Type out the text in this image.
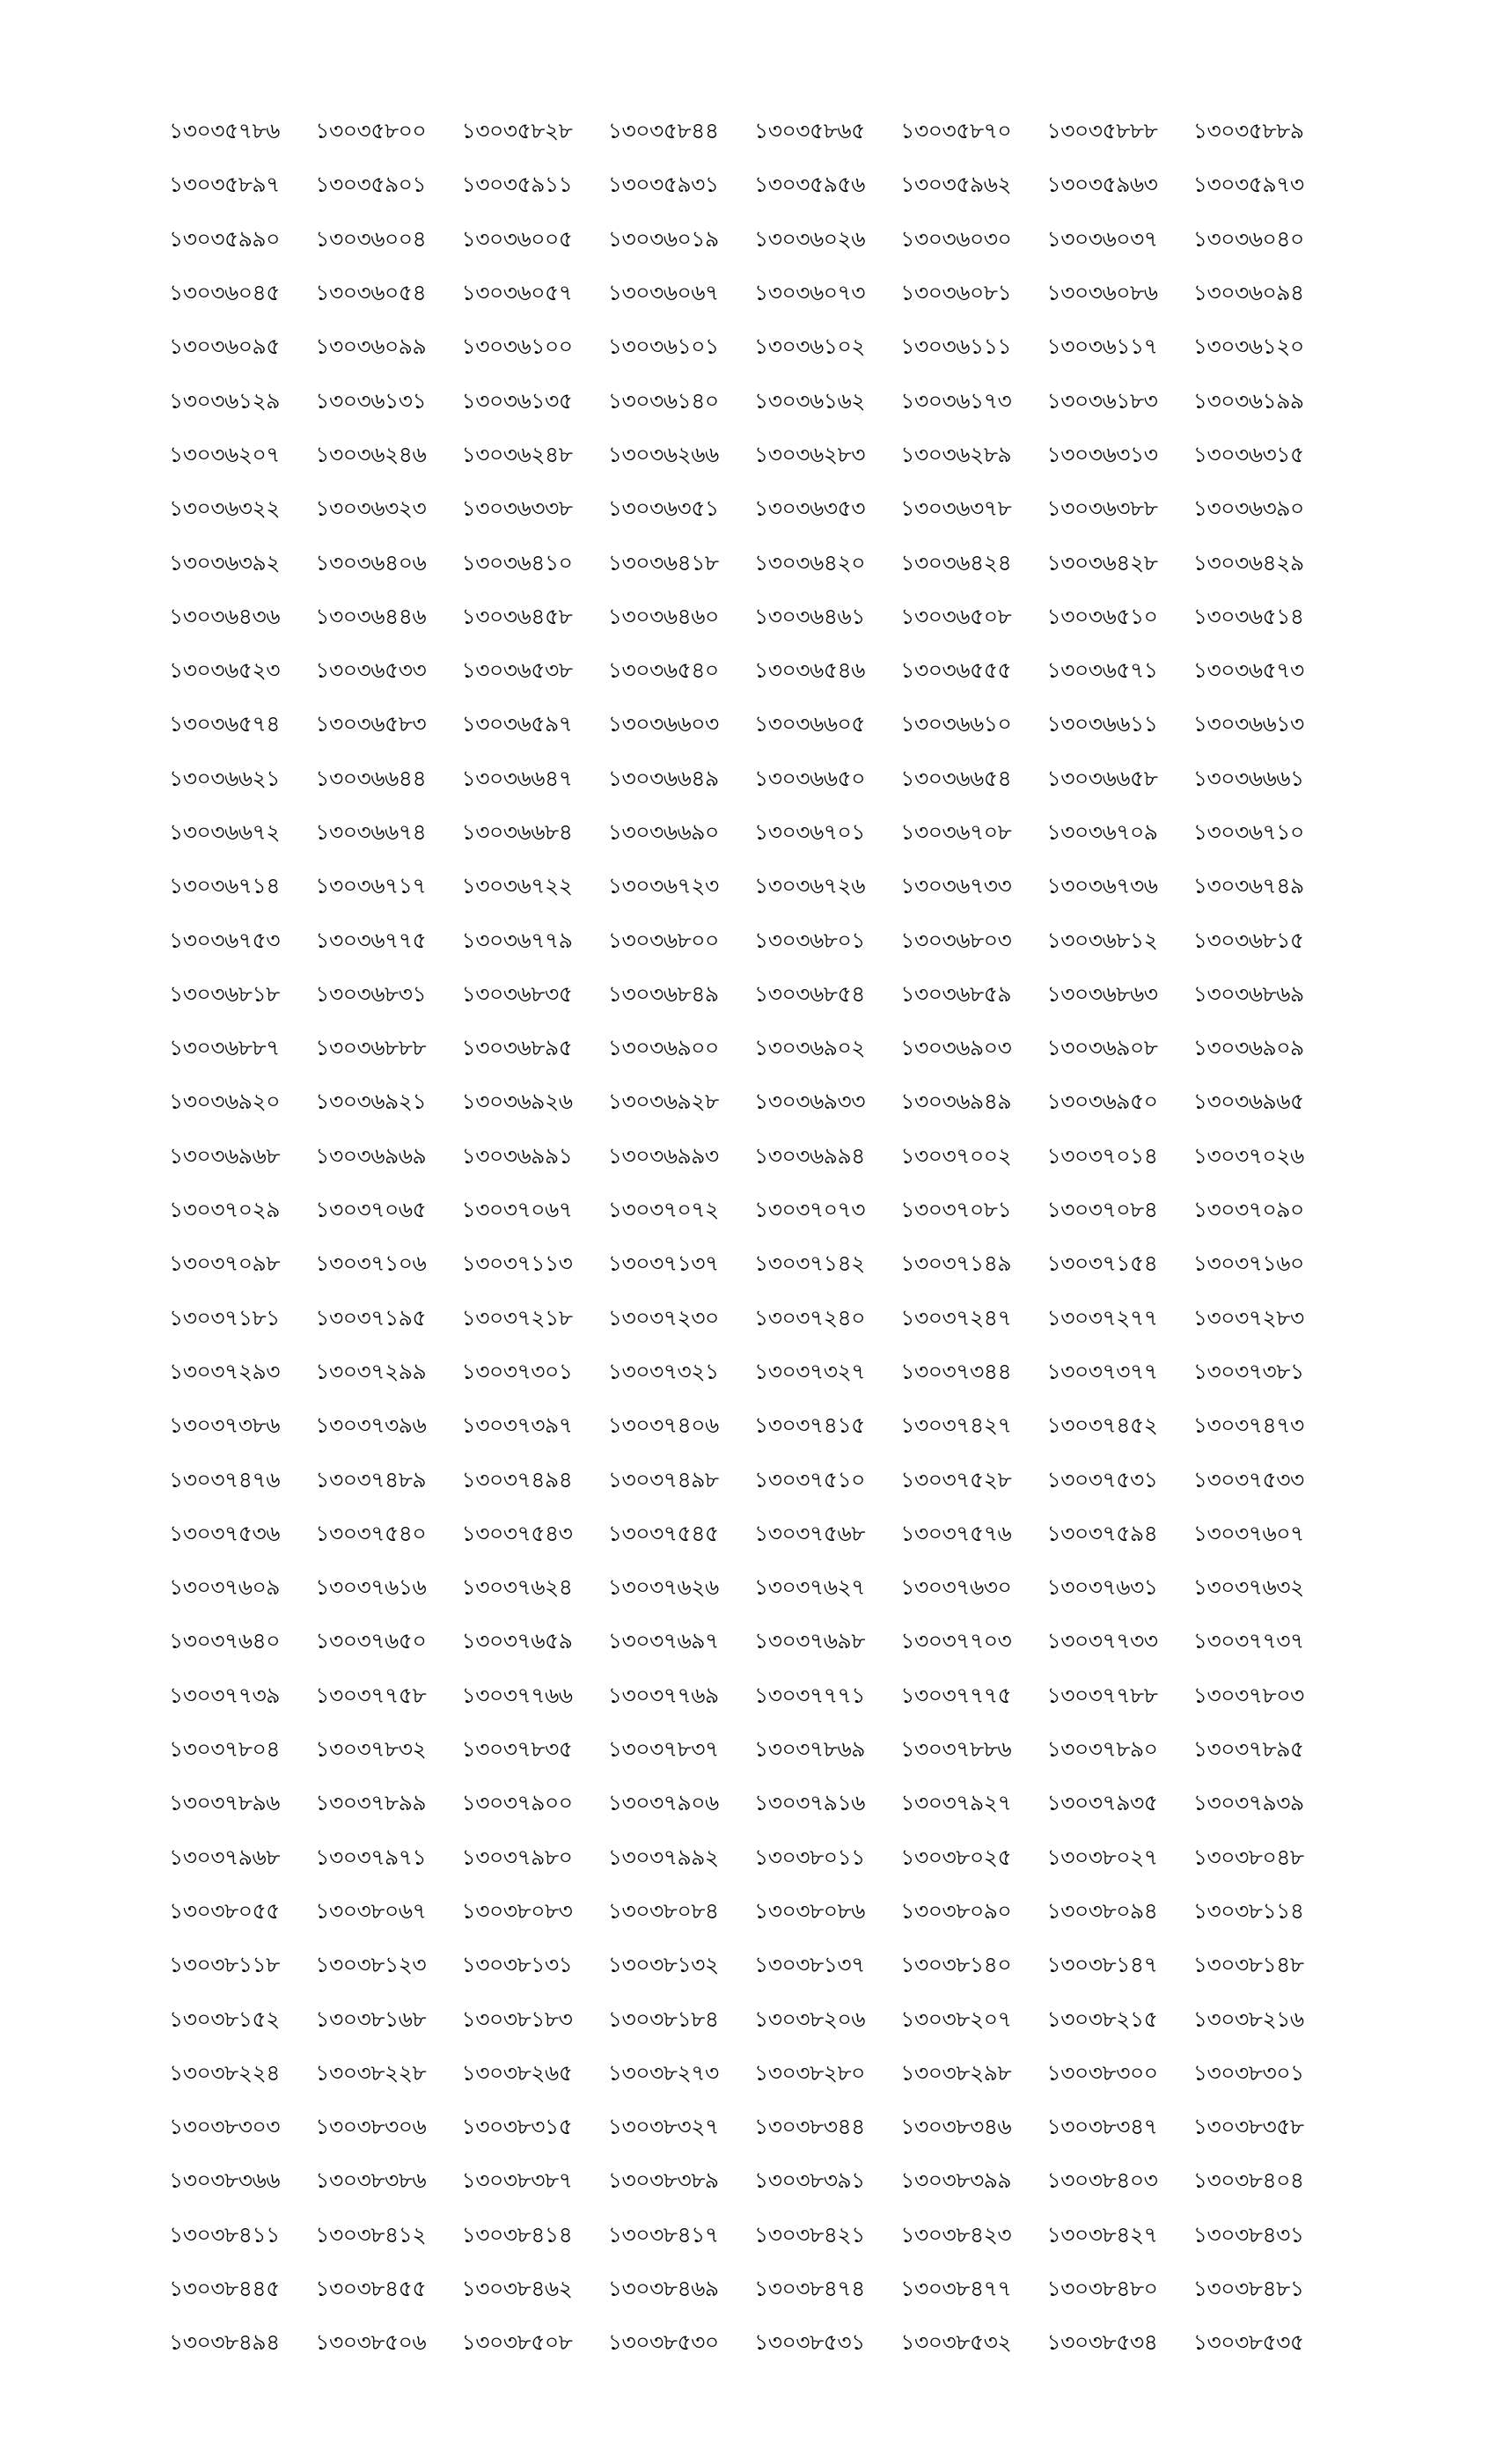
১৩০৩৫৭৮৬	১৩০৩৫৮০০	১৩০৩৫৮২৮	১৩০৩৫৮৪৪	১৩০৩৫৮৬৫	১৩০৩৫৮৭০	১৩০৩৫৮৮৮	১৩০৩৫৮৮৯
১৩০৩৫৮৯৭	১৩০৩৫৯০১	১৩০৩৫৯১১	১৩০৩৫৯৩১	১৩০৩৫৯৫৬	১৩০৩৫৯৬২	১৩০৩৫৯৬৩	১৩০৩৫৯৭৩
১৩০৩৫৯৯০	১৩০৩৬০০৪	১৩০৩৬০০৫	১৩০৩৬০১৯	১৩০৩৬০২৬	১৩০৩৬০৩০	১৩০৩৬০৩৭	১৩০৩৬০৪০
১৩০৩৬০৪৫	১৩০৩৬০৫৪	১৩০৩৬০৫৭	১৩০৩৬০৬৭	১৩০৩৬০৭৩	১৩০৩৬০৮১	১৩০৩৬০৮৬	১৩০৩৬০৯৪
১৩০৩৬০৯৫	১৩০৩৬০৯৯	১৩০৩৬১০০	১৩০৩৬১০১	১৩০৩৬১০২	১৩০৩৬১১১	১৩০৩৬১১৭	১৩০৩৬১২০
১৩০৩৬১২৯	১৩০৩৬১৩১	১৩০৩৬১৩৫	১৩০৩৬১৪০	১৩০৩৬১৬২	১৩০৩৬১৭৩	১৩০৩৬১৮৩	১৩০৩৬১৯৯
১৩০৩৬২০৭	১৩০৩৬২৪৬	১৩০৩৬২৪৮	১৩০৩৬২৬৬	১৩০৩৬২৮৩	১৩০৩৬২৮৯	১৩০৩৬৩১৩	১৩০৩৬৩১৫
১৩০৩৬৩২২	১৩০৩৬৩২৩	১৩০৩৬৩৩৮	১৩০৩৬৩৫১	১৩০৩৬৩৫৩	১৩০৩৬৩৭৮	১৩০৩৬৩৮৮	১৩০৩৬৩৯০
১৩০৩৬৩৯২	১৩০৩৬৪০৬	১৩০৩৬৪১০	১৩০৩৬৪১৮	১৩০৩৬৪২০	১৩০৩৬৪২৪	১৩০৩৬৪২৮	১৩০৩৬৪২৯
১৩০৩৬৪৩৬	১৩০৩৬৪৪৬	১৩০৩৬৪৫৮	১৩০৩৬৪৬০	১৩০৩৬৪৬১	১৩০৩৬৫০৮	১৩০৩৬৫১০	১৩০৩৬৫১৪
১৩০৩৬৫২৩	১৩০৩৬৫৩৩	১৩০৩৬৫৩৮	১৩০৩৬৫৪০	১৩০৩৬৫৪৬	১৩০৩৬৫৫৫	১৩০৩৬৫৭১	১৩০৩৬৫৭৩
১৩০৩৬৫৭৪	১৩০৩৬৫৮৩	১৩০৩৬৫৯৭	১৩০৩৬৬০৩	১৩০৩৬৬০৫	১৩০৩৬৬১০	১৩০৩৬৬১১	১৩০৩৬৬১৩
১৩০৩৬৬২১	১৩০৩৬৬৪৪	১৩০৩৬৬৪৭	১৩০৩৬৬৪৯	১৩০৩৬৬৫০	১৩০৩৬৬৫৪	১৩০৩৬৬৫৮	১৩০৩৬৬৬১
১৩০৩৬৬৭২	১৩০৩৬৬৭৪	১৩০৩৬৬৮৪	১৩০৩৬৬৯০	১৩০৩৬৭০১	১৩০৩৬৭০৮	১৩০৩৬৭০৯	১৩০৩৬৭১০
১৩০৩৬৭১৪	১৩০৩৬৭১৭	১৩০৩৬৭২২	১৩০৩৬৭২৩	১৩০৩৬৭২৬	১৩০৩৬৭৩৩	১৩০৩৬৭৩৬	১৩০৩৬৭৪৯
১৩০৩৬৭৫৩	১৩০৩৬৭৭৫	১৩০৩৬৭৭৯	১৩০৩৬৮০০	১৩০৩৬৮০১	১৩০৩৬৮০৩	১৩০৩৬৮১২	১৩০৩৬৮১৫
১৩০৩৬৮১৮	১৩০৩৬৮৩১	১৩০৩৬৮৩৫	১৩০৩৬৮৪৯	১৩০৩৬৮৫৪	১৩০৩৬৮৫৯	১৩০৩৬৮৬৩	১৩০৩৬৮৬৯
১৩০৩৬৮৮৭	১৩০৩৬৮৮৮	১৩০৩৬৮৯৫	১৩০৩৬৯০০	১৩০৩৬৯০২	১৩০৩৬৯০৩	১৩০৩৬৯০৮	১৩০৩৬৯০৯
১৩০৩৬৯২০	১৩০৩৬৯২১	১৩০৩৬৯২৬	১৩০৩৬৯২৮	১৩০৩৬৯৩৩	১৩০৩৬৯৪৯	১৩০৩৬৯৫০	১৩০৩৬৯৬৫
১৩০৩৬৯৬৮	১৩০৩৬৯৬৯	১৩০৩৬৯৯১	১৩০৩৬৯৯৩	১৩০৩৬৯৯৪	১৩০৩৭০০২	১৩০৩৭০১৪	১৩০৩৭০২৬
১৩০৩৭০২৯	১৩০৩৭০৬৫	১৩০৩৭০৬৭	১৩০৩৭০৭২	১৩০৩৭০৭৩	১৩০৩৭০৮১	১৩০৩৭০৮৪	১৩০৩৭০৯০
১৩০৩৭০৯৮	১৩০৩৭১০৬	১৩০৩৭১১৩	১৩০৩৭১৩৭	১৩০৩৭১৪২	১৩০৩৭১৪৯	১৩০৩৭১৫৪	১৩০৩৭১৬০
১৩০৩৭১৮১	১৩০৩৭১৯৫	১৩০৩৭২১৮	১৩০৩৭২৩০	১৩০৩৭২৪০	১৩০৩৭২৪৭	১৩০৩৭২৭৭	১৩০৩৭২৮৩
১৩০৩৭২৯৩	১৩০৩৭২৯৯	১৩০৩৭৩০১	১৩০৩৭৩২১	১৩০৩৭৩২৭	১৩০৩৭৩৪৪	১৩০৩৭৩৭৭	১৩০৩৭৩৮১
১৩০৩৭৩৮৬	১৩০৩৭৩৯৬	১৩০৩৭৩৯৭	১৩০৩৭৪০৬	১৩০৩৭৪১৫	১৩০৩৭৪২৭	১৩০৩৭৪৫২	১৩০৩৭৪৭৩
১৩০৩৭৪৭৬	১৩০৩৭৪৮৯	১৩০৩৭৪৯৪	১৩০৩৭৪৯৮	১৩০৩৭৫১০	১৩০৩৭৫২৮	১৩০৩৭৫৩১	১৩০৩৭৫৩৩
১৩০৩৭৫৩৬	১৩০৩৭৫৪০	১৩০৩৭৫৪৩	১৩০৩৭৫৪৫	১৩০৩৭৫৬৮	১৩০৩৭৫৭৬	১৩০৩৭৫৯৪	১৩০৩৭৬০৭
১৩০৩৭৬০৯	১৩০৩৭৬১৬	১৩০৩৭৬২৪	১৩০৩৭৬২৬	১৩০৩৭৬২৭	১৩০৩৭৬৩০	১৩০৩৭৬৩১	১৩০৩৭৬৩২
১৩০৩৭৬৪০	১৩০৩৭৬৫০	১৩০৩৭৬৫৯	১৩০৩৭৬৯৭	১৩০৩৭৬৯৮	১৩০৩৭৭০৩	১৩০৩৭৭৩৩	১৩০৩৭৭৩৭
১৩০৩৭৭৩৯	১৩০৩৭৭৫৮	১৩০৩৭৭৬৬	১৩০৩৭৭৬৯	১৩০৩৭৭৭১	১৩০৩৭৭৭৫	১৩০৩৭৭৮৮	১৩০৩৭৮০৩
১৩০৩৭৮০৪	১৩০৩৭৮৩২	১৩০৩৭৮৩৫	১৩০৩৭৮৩৭	১৩০৩৭৮৬৯	১৩০৩৭৮৮৬	১৩০৩৭৮৯০	১৩০৩৭৮৯৫
১৩০৩৭৮৯৬	১৩০৩৭৮৯৯	১৩০৩৭৯০০	১৩০৩৭৯০৬	১৩০৩৭৯১৬	১৩০৩৭৯২৭	১৩০৩৭৯৩৫	১৩০৩৭৯৩৯
১৩০৩৭৯৬৮	১৩০৩৭৯৭১	১৩০৩৭৯৮০	১৩০৩৭৯৯২	১৩০৩৮০১১	১৩০৩৮০২৫	১৩০৩৮০২৭	১৩০৩৮০৪৮
১৩০৩৮০৫৫	১৩০৩৮০৬৭	১৩০৩৮০৮৩	১৩০৩৮০৮৪	১৩০৩৮০৮৬	১৩০৩৮০৯০	১৩০৩৮০৯৪	১৩০৩৮১১৪
১৩০৩৮১১৮	১৩০৩৮১২৩	১৩০৩৮১৩১	১৩০৩৮১৩২	১৩০৩৮১৩৭	১৩০৩৮১৪০	১৩০৩৮১৪৭	১৩০৩৮১৪৮
১৩০৩৮১৫২	১৩০৩৮১৬৮	১৩০৩৮১৮৩	১৩০৩৮১৮৪	১৩০৩৮২০৬	১৩০৩৮২০৭	১৩০৩৮২১৫	১৩০৩৮২১৬
১৩০৩৮২২৪	১৩০৩৮২২৮	১৩০৩৮২৬৫	১৩০৩৮২৭৩	১৩০৩৮২৮০	১৩০৩৮২৯৮	১৩০৩৮৩০০	১৩০৩৮৩০১
১৩০৩৮৩০৩	১৩০৩৮৩০৬	১৩০৩৮৩১৫	১৩০৩৮৩২৭	১৩০৩৮৩৪৪	১৩০৩৮৩৪৬	১৩০৩৮৩৪৭	১৩০৩৮৩৫৮
১৩০৩৮৩৬৬	১৩০৩৮৩৮৬	১৩০৩৮৩৮৭	১৩০৩৮৩৮৯	১৩০৩৮৩৯১	১৩০৩৮৩৯৯	১৩০৩৮৪০৩	১৩০৩৮৪০৪
১৩০৩৮৪১১	১৩০৩৮৪১২	১৩০৩৮৪১৪	১৩০৩৮৪১৭	১৩০৩৮৪২১	১৩০৩৮৪২৩	১৩০৩৮৪২৭	১৩০৩৮৪৩১
১৩০৩৮৪৪৫	১৩০৩৮৪৫৫	১৩০৩৮৪৬২	১৩০৩৮৪৬৯	১৩০৩৮৪৭৪	১৩০৩৮৪৭৭	১৩০৩৮৪৮০	১৩০৩৮৪৮১
১৩০৩৮৪৯৪	১৩০৩৮৫০৬	১৩০৩৮৫০৮	১৩০৩৮৫৩০	১৩০৩৮৫৩১	১৩০৩৮৫৩২	১৩০৩৮৫৩৪	১৩০৩৮৫৩৫
